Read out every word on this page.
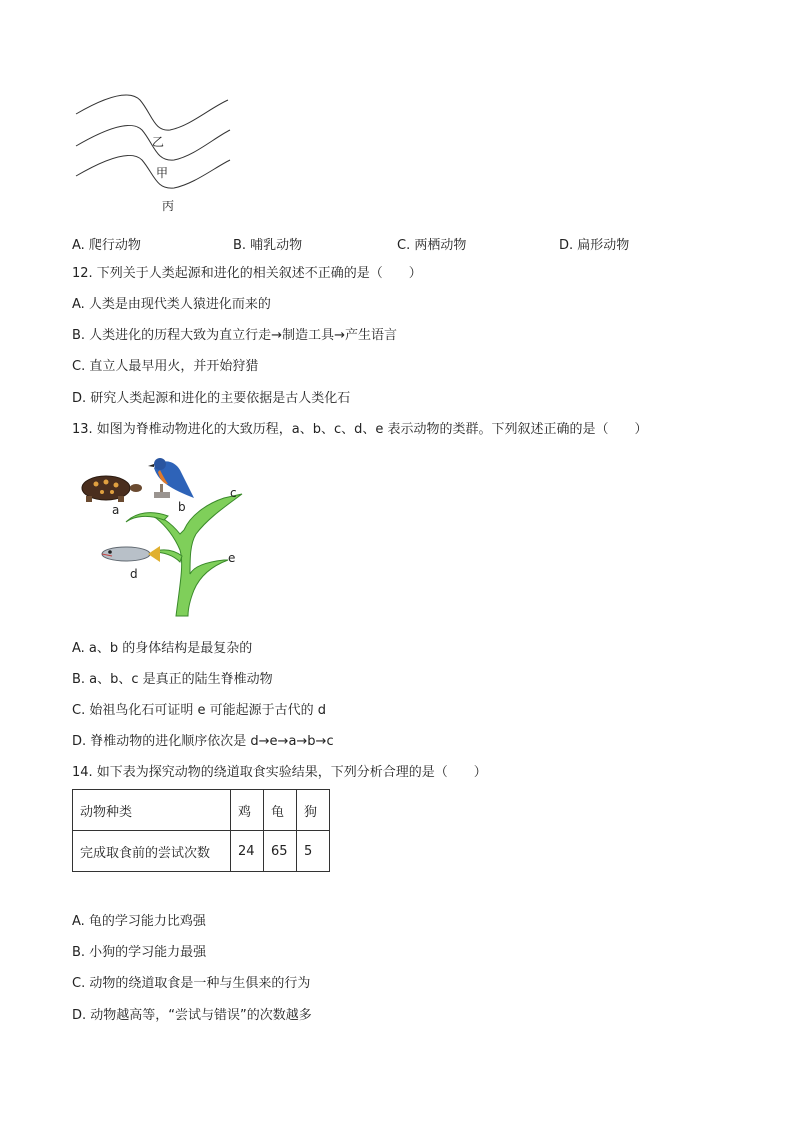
乙
甲
丙
A. 爬行动物	B. 哺乳动物	C. 两栖动物	D. 扁形动物
12. 下列关于人类起源和进化的相关叙述不正确的是（　　）
A. 人类是由现代类人猿进化而来的
B. 人类进化的历程大致为直立行走→制造工具→产生语言
C. 直立人最早用火，并开始狩猎
D. 研究人类起源和进化的主要依据是古人类化石
13. 如图为脊椎动物进化的大致历程，a、b、c、d、e 表示动物的类群。下列叙述正确的是（　　）
a	b
c
d
e
A. a、b 的身体结构是最复杂的
B. a、b、c 是真正的陆生脊椎动物
C. 始祖鸟化石可证明 e 可能起源于古代的 d
D. 脊椎动物的进化顺序依次是 d→e→a→b→c
14. 如下表为探究动物的绕道取食实验结果，下列分析合理的是（　　）
动物种类	鸡	龟	狗
完成取食前的尝试次数	24	65	5
A. 龟的学习能力比鸡强
B. 小狗的学习能力最强
C. 动物的绕道取食是一种与生俱来的行为
D. 动物越高等，“尝试与错误”的次数越多
